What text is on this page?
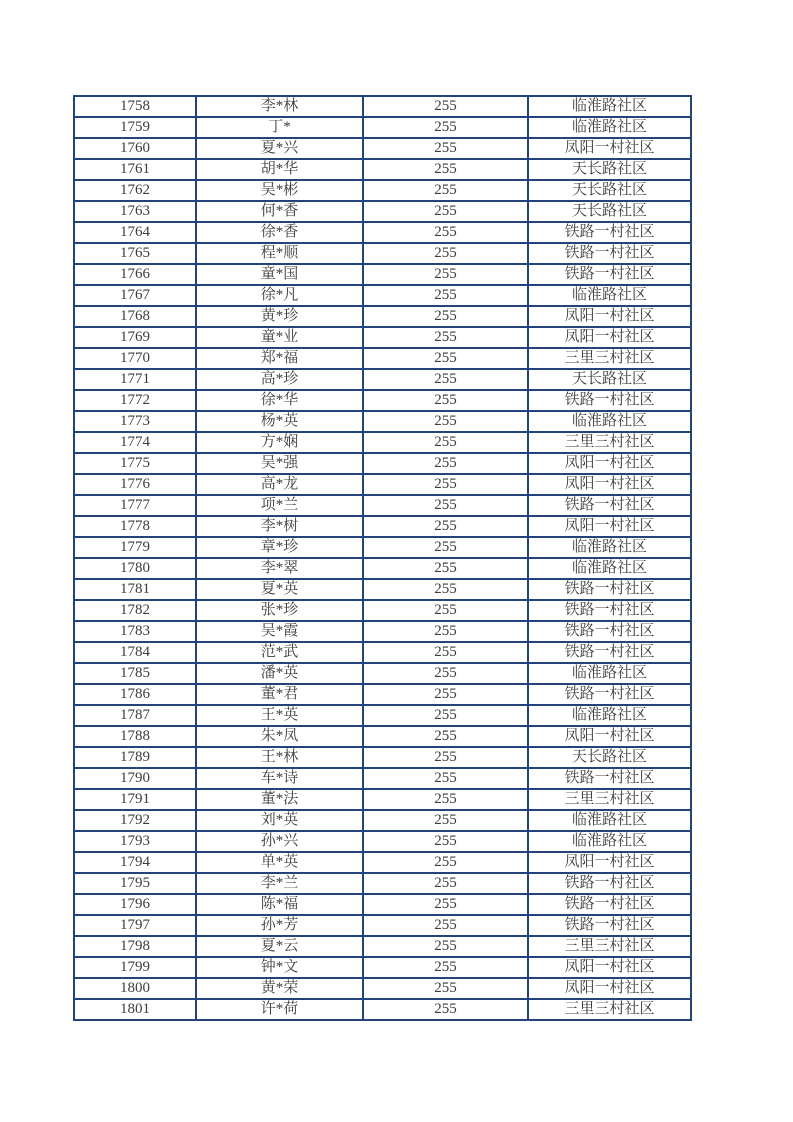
1758	李*林	255	临淮路社区
1759	丁*	255	临淮路社区
1760	夏*兴	255	凤阳一村社区
1761	胡*华	255	天长路社区
1762	吴*彬	255	天长路社区
1763	何*香	255	天长路社区
1764	徐*香	255	铁路一村社区
1765	程*顺	255	铁路一村社区
1766	童*国	255	铁路一村社区
1767	徐*凡	255	临淮路社区
1768	黄*珍	255	凤阳一村社区
1769	童*业	255	凤阳一村社区
1770	郑*福	255	三里三村社区
1771	高*珍	255	天长路社区
1772	徐*华	255	铁路一村社区
1773	杨*英	255	临淮路社区
1774	方*娴	255	三里三村社区
1775	吴*强	255	凤阳一村社区
1776	高*龙	255	凤阳一村社区
1777	项*兰	255	铁路一村社区
1778	李*树	255	凤阳一村社区
1779	章*珍	255	临淮路社区
1780	李*翠	255	临淮路社区
1781	夏*英	255	铁路一村社区
1782	张*珍	255	铁路一村社区
1783	吴*霞	255	铁路一村社区
1784	范*武	255	铁路一村社区
1785	潘*英	255	临淮路社区
1786	董*君	255	铁路一村社区
1787	王*英	255	临淮路社区
1788	朱*凤	255	凤阳一村社区
1789	王*林	255	天长路社区
1790	车*诗	255	铁路一村社区
1791	董*法	255	三里三村社区
1792	刘*英	255	临淮路社区
1793	孙*兴	255	临淮路社区
1794	单*英	255	凤阳一村社区
1795	李*兰	255	铁路一村社区
1796	陈*福	255	铁路一村社区
1797	孙*芳	255	铁路一村社区
1798	夏*云	255	三里三村社区
1799	钟*文	255	凤阳一村社区
1800	黄*荣	255	凤阳一村社区
1801	许*荷	255	三里三村社区
